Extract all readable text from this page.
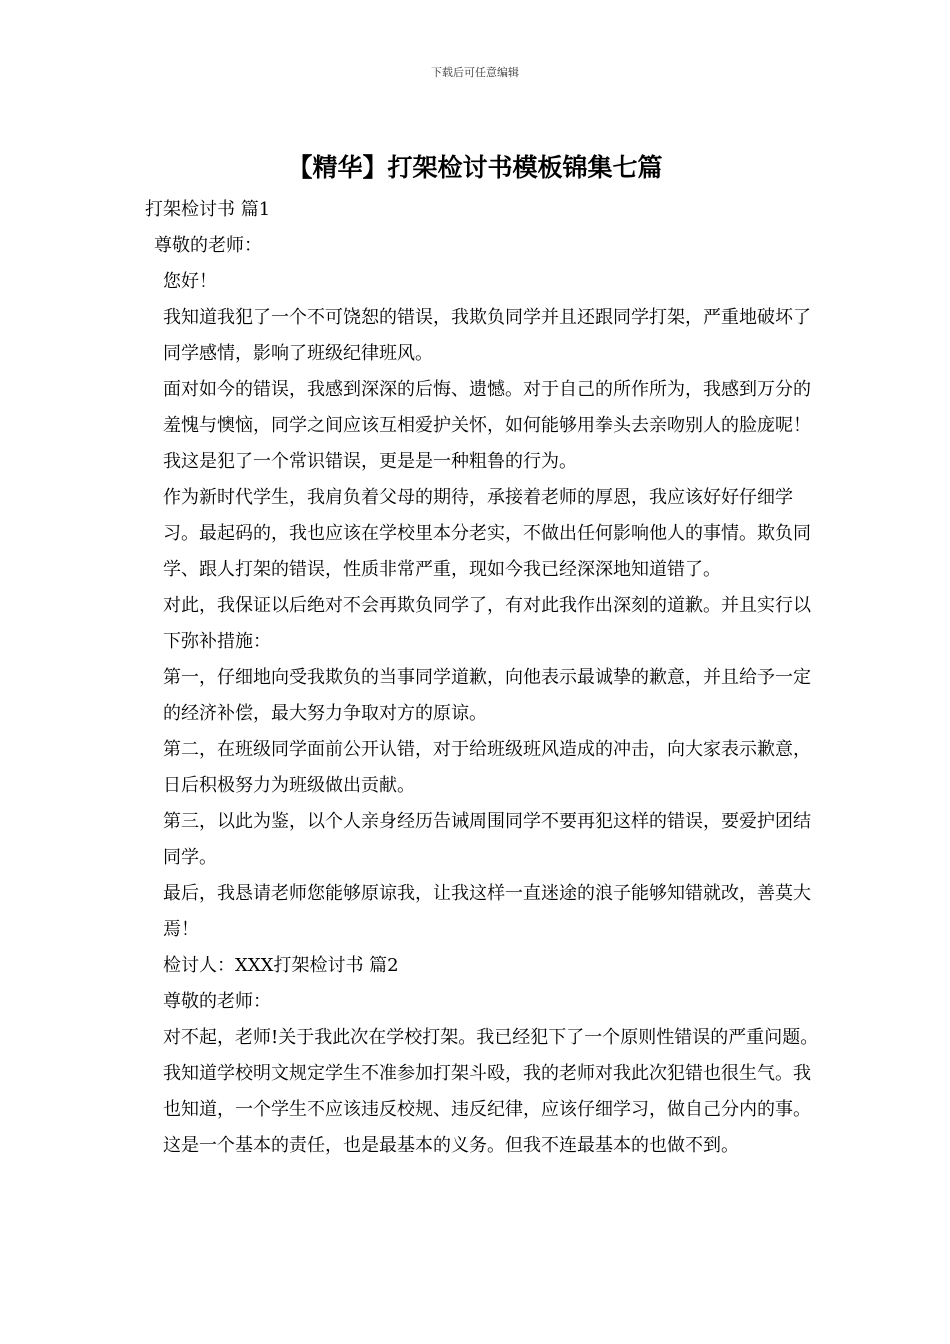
下载后可任意编辑
【精华】打架检讨书模板锦集七篇

打架检讨书 篇1

尊敬的老师：

您好！

我知道我犯了一个不可饶恕的错误，我欺负同学并且还跟同学打架，严重地破坏了同学感情，影响了班级纪律班风。

面对如今的错误，我感到深深的后悔、遗憾。对于自己的所作所为，我感到万分的羞愧与懊恼，同学之间应该互相爱护关怀，如何能够用拳头去亲吻别人的脸庞呢！我这是犯了一个常识错误，更是是一种粗鲁的行为。

作为新时代学生，我肩负着父母的期待，承接着老师的厚恩，我应该好好仔细学习。最起码的，我也应该在学校里本分老实，不做出任何影响他人的事情。欺负同学、跟人打架的错误，性质非常严重，现如今我已经深深地知道错了。

对此，我保证以后绝对不会再欺负同学了，有对此我作出深刻的道歉。并且实行以下弥补措施：

第一，仔细地向受我欺负的当事同学道歉，向他表示最诚挚的歉意，并且给予一定的经济补偿，最大努力争取对方的原谅。

第二，在班级同学面前公开认错，对于给班级班风造成的冲击，向大家表示歉意，日后积极努力为班级做出贡献。

第三，以此为鉴，以个人亲身经历告诫周围同学不要再犯这样的错误，要爱护团结同学。

最后，我恳请老师您能够原谅我，让我这样一直迷途的浪子能够知错就改，善莫大焉！

检讨人：XXX打架检讨书 篇2

尊敬的老师：

对不起，老师!关于我此次在学校打架。我已经犯下了一个原则性错误的严重问题。我知道学校明文规定学生不准参加打架斗殴，我的老师对我此次犯错也很生气。我也知道，一个学生不应该违反校规、违反纪律，应该仔细学习，做自己分内的事。这是一个基本的责任，也是最基本的义务。但我不连最基本的也做不到。
